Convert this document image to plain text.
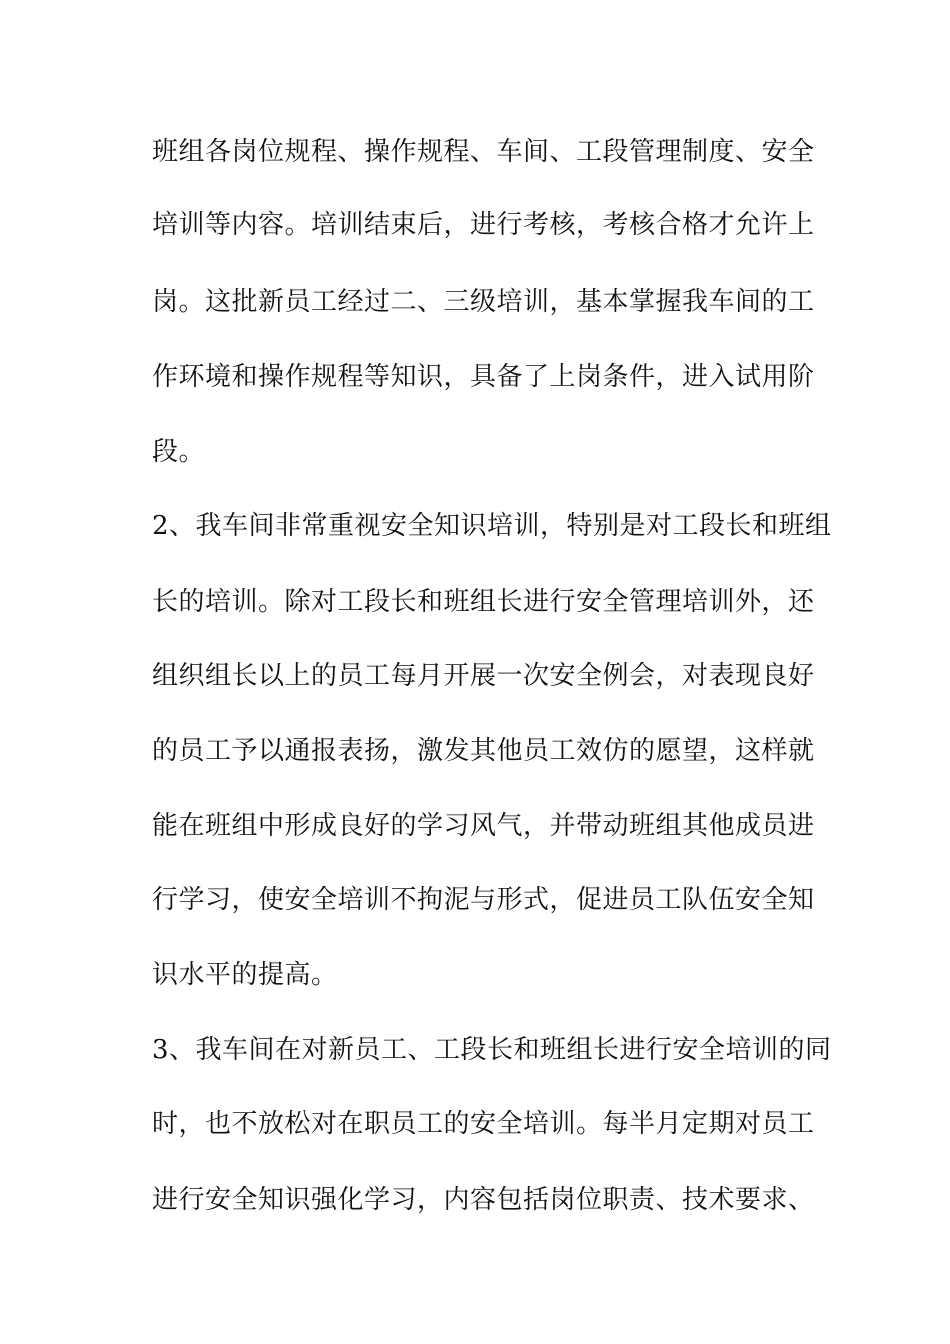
班组各岗位规程、操作规程、车间、工段管理制度、安全
培训等内容。培训结束后，进行考核，考核合格才允许上
岗。这批新员工经过二、三级培训，基本掌握我车间的工
作环境和操作规程等知识，具备了上岗条件，进入试用阶
段。
2、我车间非常重视安全知识培训，特别是对工段长和班组
长的培训。除对工段长和班组长进行安全管理培训外，还
组织组长以上的员工每月开展一次安全例会，对表现良好
的员工予以通报表扬，激发其他员工效仿的愿望，这样就
能在班组中形成良好的学习风气，并带动班组其他成员进
行学习，使安全培训不拘泥与形式，促进员工队伍安全知
识水平的提高。
3、我车间在对新员工、工段长和班组长进行安全培训的同
时，也不放松对在职员工的安全培训。每半月定期对员工
进行安全知识强化学习，内容包括岗位职责、技术要求、
